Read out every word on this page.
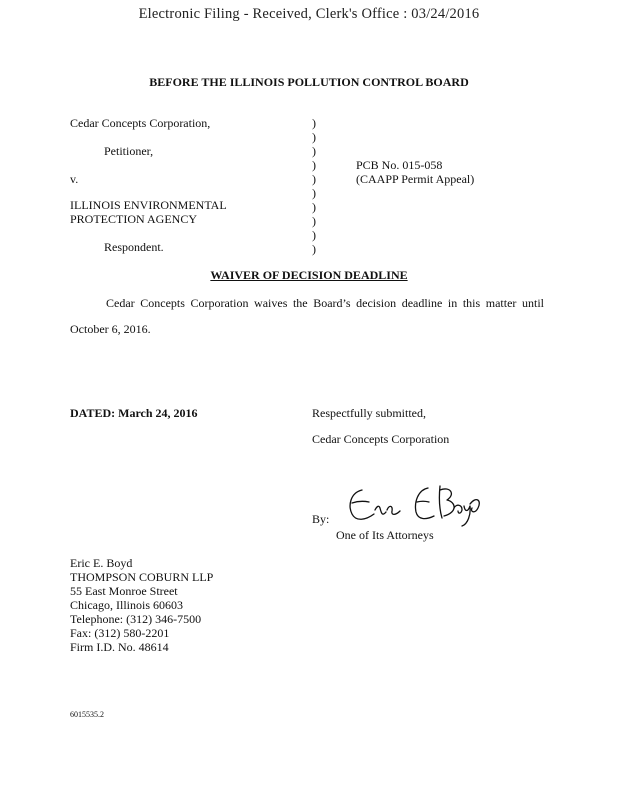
Electronic Filing - Received, Clerk's Office : 03/24/2016
BEFORE THE ILLINOIS POLLUTION CONTROL BOARD
Cedar Concepts Corporation,
Petitioner,
v.
ILLINOIS ENVIRONMENTAL
PROTECTION AGENCY
Respondent.
)
)
)
)
)
)
)
)
)
)
PCB No. 015-058
(CAAPP Permit Appeal)
WAIVER OF DECISION DEADLINE
Cedar Concepts Corporation waives the Board’s decision deadline in this matter until
October 6, 2016.
DATED: March 24, 2016	Respectfully submitted,
Cedar Concepts Corporation
By:
One of Its Attorneys
Eric E. Boyd
THOMPSON COBURN LLP
55 East Monroe Street
Chicago, Illinois 60603
Telephone: (312) 346-7500
Fax: (312) 580-2201
Firm I.D. No. 48614
6015535.2
